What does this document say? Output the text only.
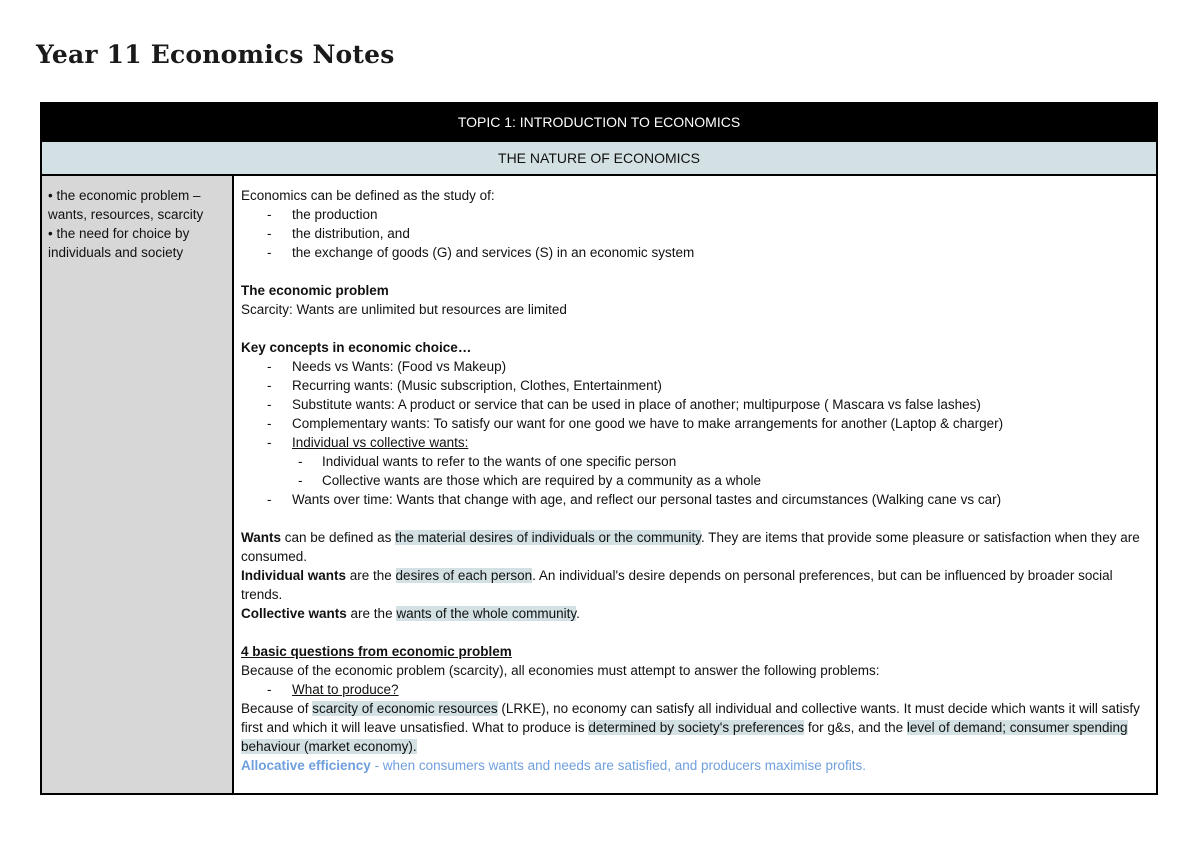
Year 11 Economics Notes
TOPIC 1: INTRODUCTION TO ECONOMICS
THE NATURE OF ECONOMICS
• the economic problem – wants, resources, scarcity
• the need for choice by individuals and society
Economics can be defined as the study of:
- the production
- the distribution, and
- the exchange of goods (G) and services (S) in an economic system
The economic problem
Scarcity: Wants are unlimited but resources are limited
Key concepts in economic choice…
- Needs vs Wants: (Food vs Makeup)
- Recurring wants: (Music subscription, Clothes, Entertainment)
- Substitute wants: A product or service that can be used in place of another; multipurpose ( Mascara vs false lashes)
- Complementary wants: To satisfy our want for one good we have to make arrangements for another (Laptop & charger)
- Individual vs collective wants:
- Individual wants to refer to the wants of one specific person
- Collective wants are those which are required by a community as a whole
- Wants over time: Wants that change with age, and reflect our personal tastes and circumstances (Walking cane vs car)
Wants can be defined as the material desires of individuals or the community. They are items that provide some pleasure or satisfaction when they are consumed.
Individual wants are the desires of each person. An individual's desire depends on personal preferences, but can be influenced by broader social trends.
Collective wants are the wants of the whole community.
4 basic questions from economic problem
Because of the economic problem (scarcity), all economies must attempt to answer the following problems:
- What to produce?
Because of scarcity of economic resources (LRKE), no economy can satisfy all individual and collective wants. It must decide which wants it will satisfy first and which it will leave unsatisfied. What to produce is determined by society's preferences for g&s, and the level of demand; consumer spending behaviour (market economy).
Allocative efficiency - when consumers wants and needs are satisfied, and producers maximise profits.
